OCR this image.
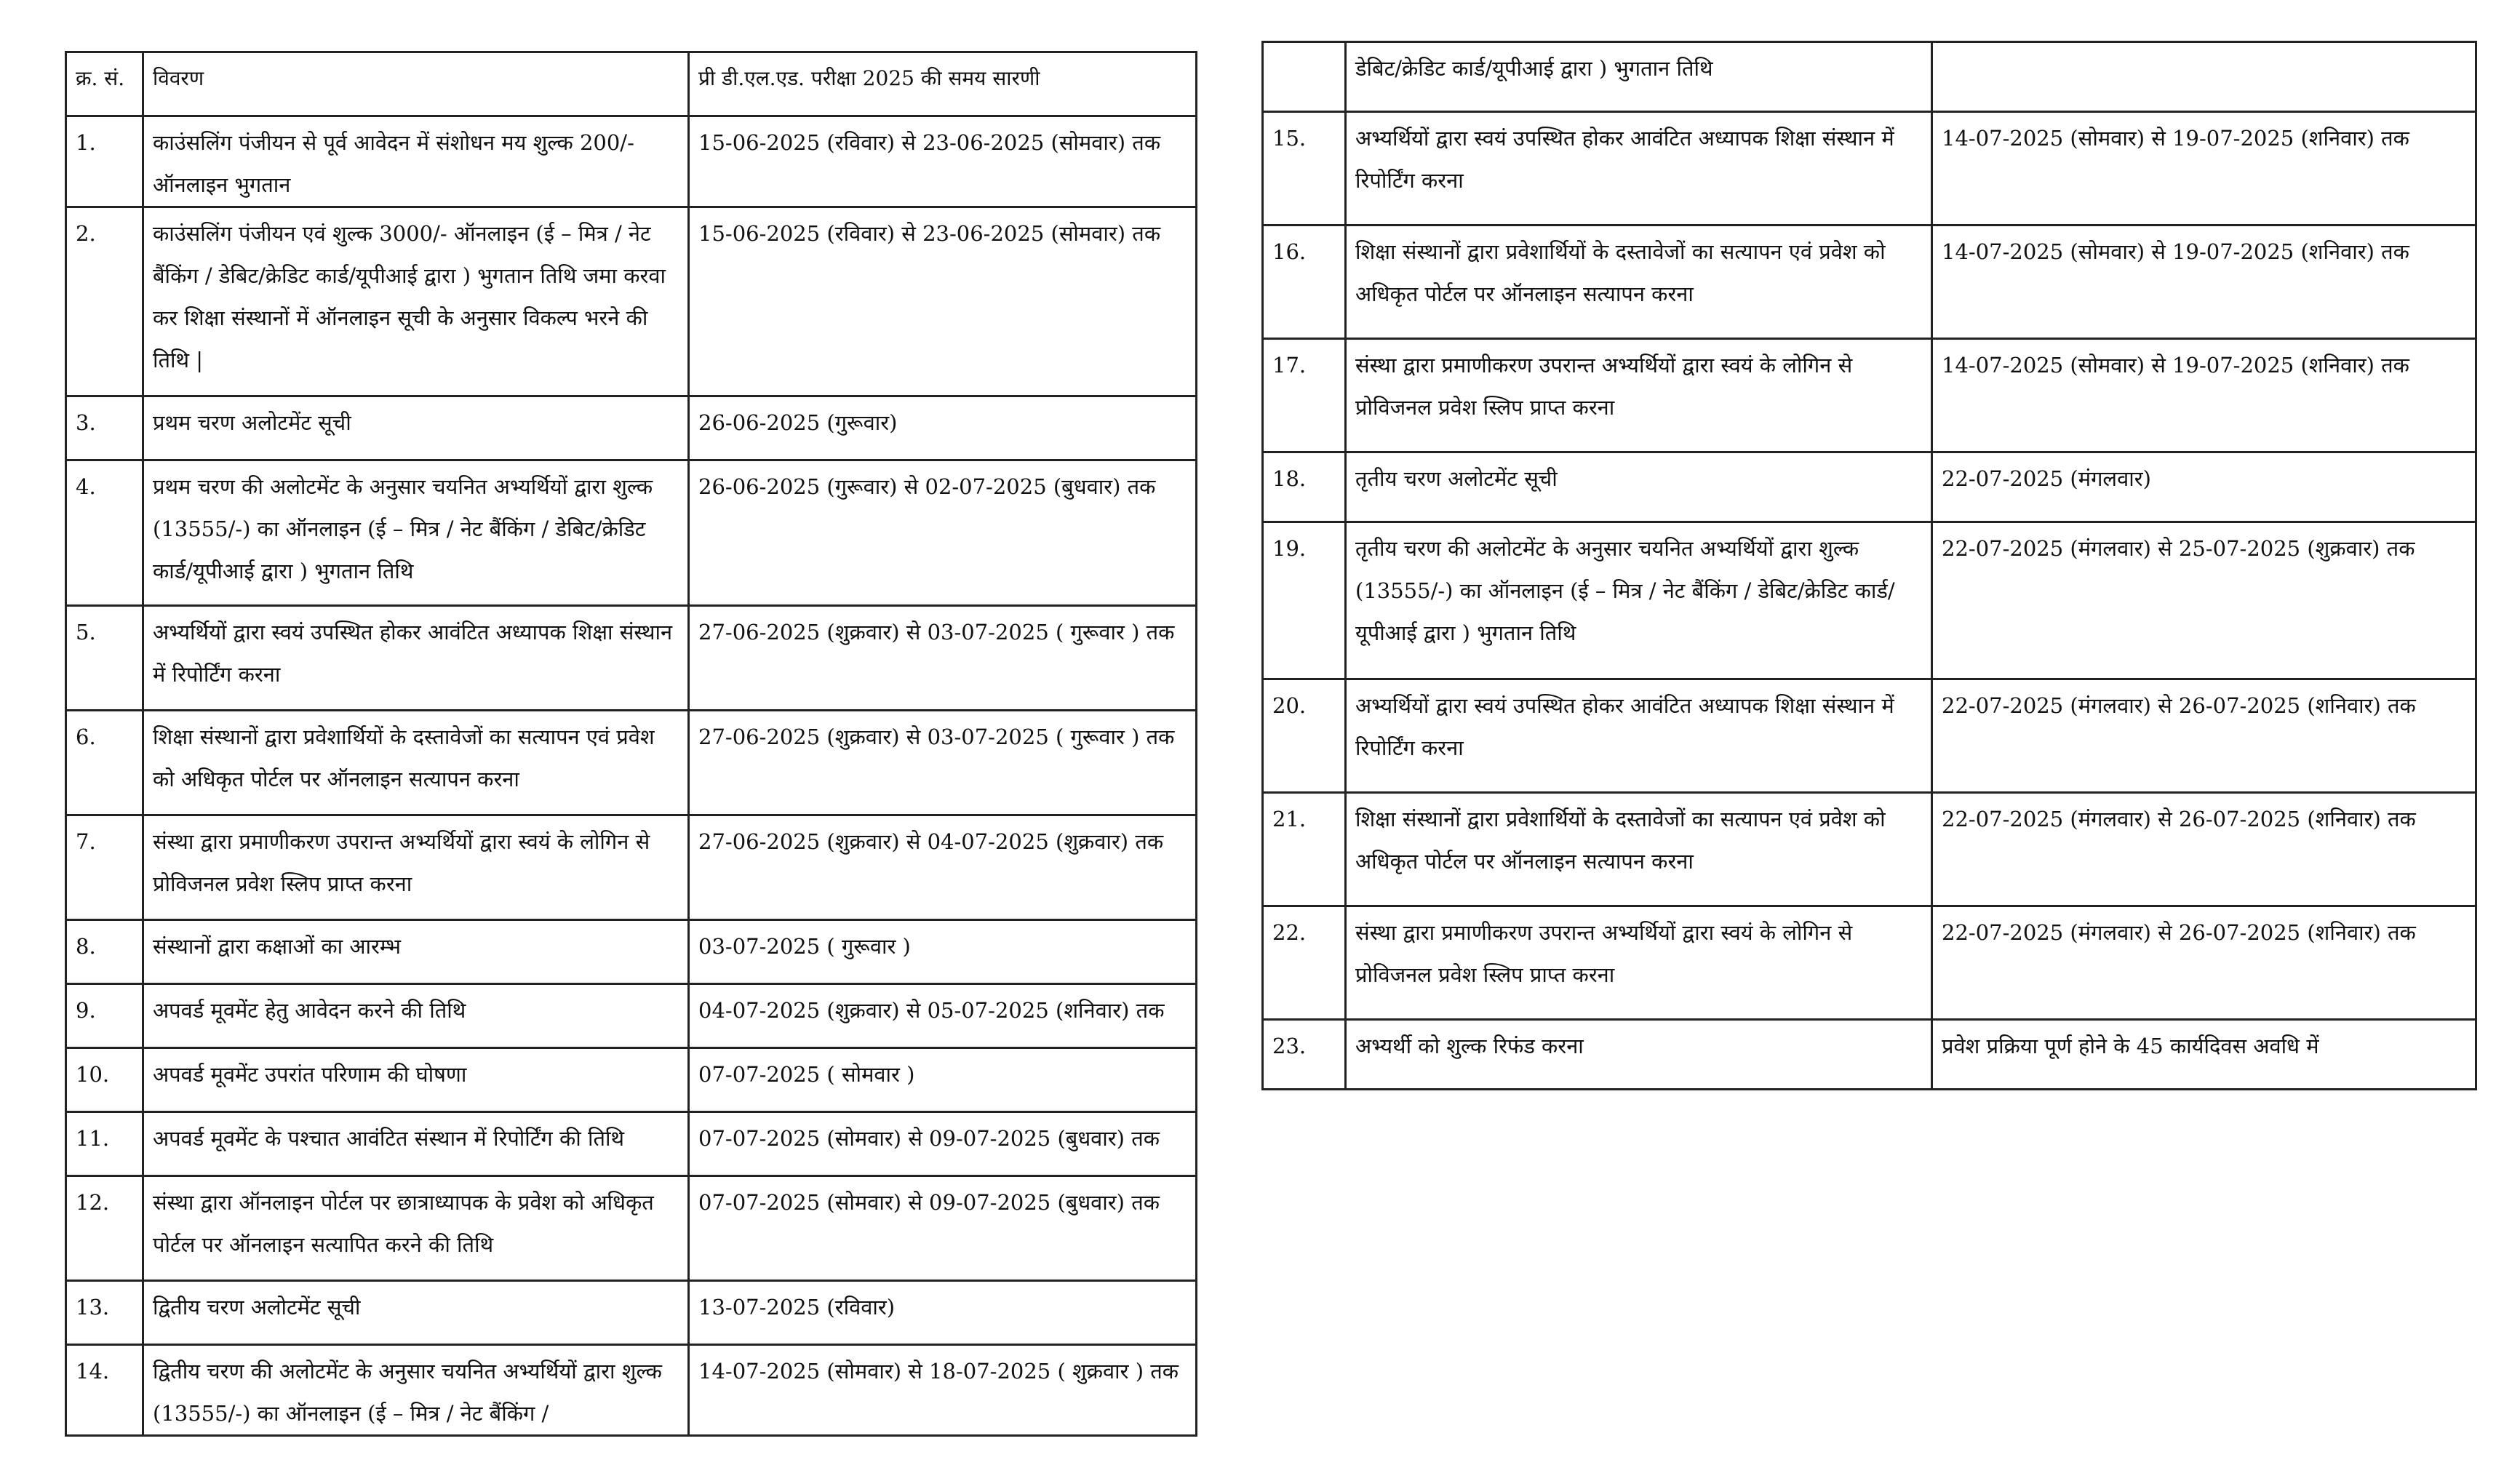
क्र. सं.	विवरण	प्री डी.एल.एड. परीक्षा 2025 की समय सारणी
1.	काउंसलिंग पंजीयन से पूर्व आवेदन में संशोधन मय शुल्क 200/- ऑनलाइन भुगतान	15-06-2025 (रविवार) से 23-06-2025 (सोमवार) तक
2.	काउंसलिंग पंजीयन एवं शुल्क 3000/- ऑनलाइन (ई – मित्र / नेट बैंकिंग / डेबिट/क्रेडिट कार्ड/यूपीआई द्वारा ) भुगतान तिथि जमा करवा कर शिक्षा संस्थानों में ऑनलाइन सूची के अनुसार विकल्प भरने की तिथि |	15-06-2025 (रविवार) से 23-06-2025 (सोमवार) तक
3.	प्रथम चरण अलोटमेंट सूची	26-06-2025 (गुरूवार)
4.	प्रथम चरण की अलोटमेंट के अनुसार चयनित अभ्यर्थियों द्वारा शुल्क (13555/-) का ऑनलाइन (ई – मित्र / नेट बैंकिंग / डेबिट/क्रेडिट कार्ड/यूपीआई द्वारा ) भुगतान तिथि	26-06-2025 (गुरूवार) से 02-07-2025 (बुधवार) तक
5.	अभ्यर्थियों द्वारा स्वयं उपस्थित होकर आवंटित अध्यापक शिक्षा संस्थान में रिपोर्टिंग करना	27-06-2025 (शुक्रवार) से 03-07-2025 ( गुरूवार ) तक
6.	शिक्षा संस्थानों द्वारा प्रवेशार्थियों के दस्तावेजों का सत्यापन एवं प्रवेश को अधिकृत पोर्टल पर ऑनलाइन सत्यापन करना	27-06-2025 (शुक्रवार) से 03-07-2025 ( गुरूवार ) तक
7.	संस्था द्वारा प्रमाणीकरण उपरान्त अभ्यर्थियों द्वारा स्वयं के लोगिन से प्रोविजनल प्रवेश स्लिप प्राप्त करना	27-06-2025 (शुक्रवार) से 04-07-2025 (शुक्रवार) तक
8.	संस्थानों द्वारा कक्षाओं का आरम्भ	03-07-2025 ( गुरूवार )
9.	अपवर्ड मूवमेंट हेतु आवेदन करने की तिथि	04-07-2025 (शुक्रवार) से 05-07-2025 (शनिवार) तक
10.	अपवर्ड मूवमेंट उपरांत परिणाम की घोषणा	07-07-2025 ( सोमवार )
11.	अपवर्ड मूवमेंट के पश्चात आवंटित संस्थान में रिपोर्टिंग की तिथि	07-07-2025 (सोमवार) से 09-07-2025 (बुधवार) तक
12.	संस्था द्वारा ऑनलाइन पोर्टल पर छात्राध्यापक के प्रवेश को अधिकृत पोर्टल पर ऑनलाइन सत्यापित करने की तिथि	07-07-2025 (सोमवार) से 09-07-2025 (बुधवार) तक
13.	द्वितीय चरण अलोटमेंट सूची	13-07-2025 (रविवार)
14.	द्वितीय चरण की अलोटमेंट के अनुसार चयनित अभ्यर्थियों द्वारा शुल्क (13555/-) का ऑनलाइन (ई – मित्र / नेट बैंकिंग /	14-07-2025 (सोमवार) से 18-07-2025 ( शुक्रवार ) तक
	डेबिट/क्रेडिट कार्ड/यूपीआई द्वारा ) भुगतान तिथि	
15.	अभ्यर्थियों द्वारा स्वयं उपस्थित होकर आवंटित अध्यापक शिक्षा संस्थान में रिपोर्टिंग करना	14-07-2025 (सोमवार) से 19-07-2025 (शनिवार) तक
16.	शिक्षा संस्थानों द्वारा प्रवेशार्थियों के दस्तावेजों का सत्यापन एवं प्रवेश को अधिकृत पोर्टल पर ऑनलाइन सत्यापन करना	14-07-2025 (सोमवार) से 19-07-2025 (शनिवार) तक
17.	संस्था द्वारा प्रमाणीकरण उपरान्त अभ्यर्थियों द्वारा स्वयं के लोगिन से प्रोविजनल प्रवेश स्लिप प्राप्त करना	14-07-2025 (सोमवार) से 19-07-2025 (शनिवार) तक
18.	तृतीय चरण अलोटमेंट सूची	22-07-2025 (मंगलवार)
19.	तृतीय चरण की अलोटमेंट के अनुसार चयनित अभ्यर्थियों द्वारा शुल्क (13555/-) का ऑनलाइन (ई – मित्र / नेट बैंकिंग / डेबिट/क्रेडिट कार्ड/यूपीआई द्वारा ) भुगतान तिथि	22-07-2025 (मंगलवार) से 25-07-2025 (शुक्रवार) तक
20.	अभ्यर्थियों द्वारा स्वयं उपस्थित होकर आवंटित अध्यापक शिक्षा संस्थान में रिपोर्टिंग करना	22-07-2025 (मंगलवार) से 26-07-2025 (शनिवार) तक
21.	शिक्षा संस्थानों द्वारा प्रवेशार्थियों के दस्तावेजों का सत्यापन एवं प्रवेश को अधिकृत पोर्टल पर ऑनलाइन सत्यापन करना	22-07-2025 (मंगलवार) से 26-07-2025 (शनिवार) तक
22.	संस्था द्वारा प्रमाणीकरण उपरान्त अभ्यर्थियों द्वारा स्वयं के लोगिन से प्रोविजनल प्रवेश स्लिप प्राप्त करना	22-07-2025 (मंगलवार) से 26-07-2025 (शनिवार) तक
23.	अभ्यर्थी को शुल्क रिफंड करना	प्रवेश प्रक्रिया पूर्ण होने के 45 कार्यदिवस अवधि में
